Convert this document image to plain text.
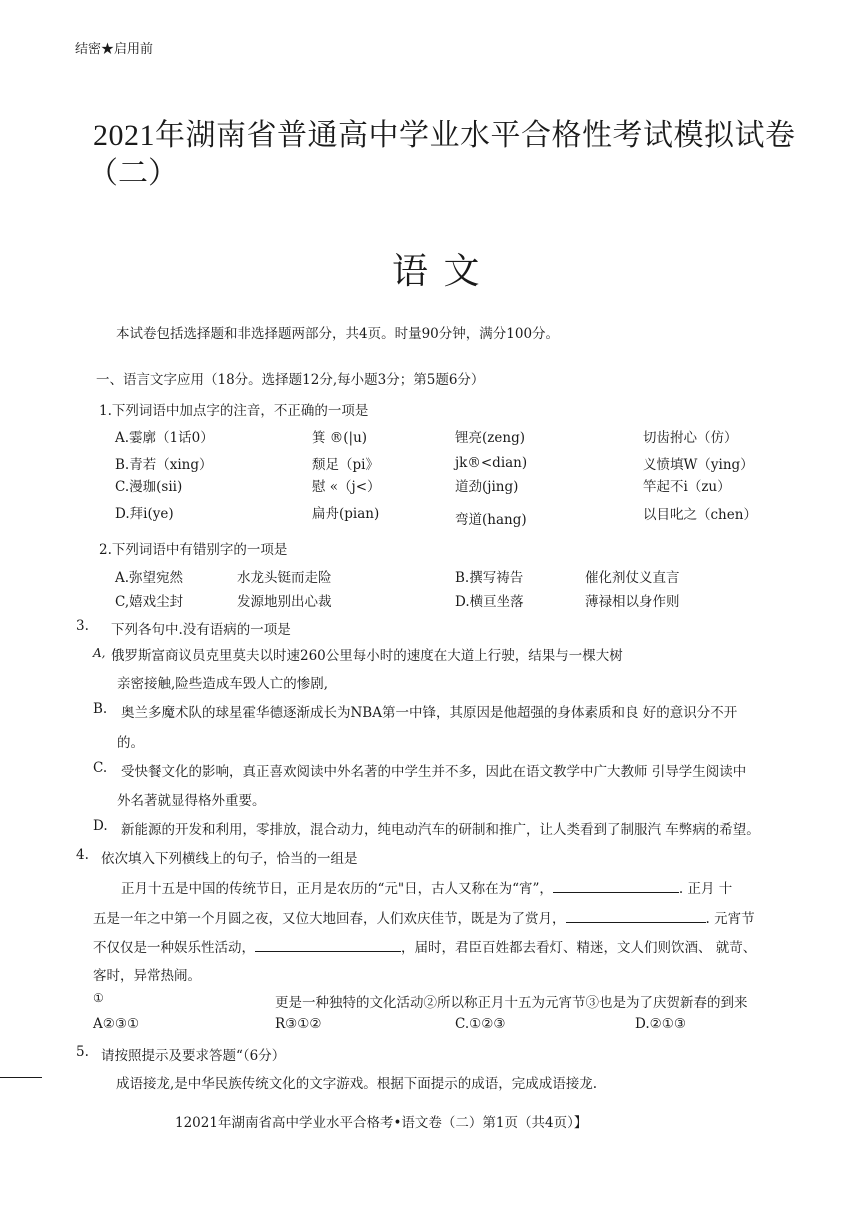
结密★启用前
2021年湖南省普通高中学业水平合格性考试模拟试卷
（二）
语 文
本试卷包括选择题和非选择题两部分，共4页。时量90分钟，满分100分。
一、语言文字应用（18分。选择题12分,每小题3分；第5题6分）
1.下列词语中加点字的注音，不正确的一项是
A.霎廓（1话0）	箕 ®(|u)	锂亮(zeng)	切齿拊心（仿）
B.青若（xing）	颓足（pi》	jk®<dian)	义愤填W（ying）
C.漫珈(sii)	慰 «（j<）	道劲(jing)	竿起不i（zu）
D.拜i(ye)	扁舟(pian)	弯道(hang)	以目叱之（chen）
2.下列词语中有错别字的一项是
A.弥望宛然	水龙头铤而走险	B.撰写祷告	催化剂仗义直言
C,嬉戏尘封	发源地别出心裁	D.横亘坐落	薄禄相以身作则
3. 下列各句中.没有语病的一项是
A, 俄罗斯富商议员克里莫夫以时速260公里每小时的速度在大道上行驶，结果与一棵大树
亲密接触,险些造成车毁人亡的惨剧,
B. 奥兰多魔术队的球星霍华德逐渐成长为NBA第一中锋，其原因是他超强的身体素质和良 好的意识分不开
的。
C. 受快餐文化的影响，真正喜欢阅读中外名著的中学生并不多，因此在语文教学中广大教师 引导学生阅读中
外名著就显得格外重要。
D. 新能源的开发和利用，零排放，混合动力，纯电动汽车的研制和推广，让人类看到了制服汽 车弊病的希望。
4. 依次填入下列横线上的句子，恰当的一组是
正月十五是中国的传统节日，正月是农历的“元"日，古人又称在为“宵”，	. 正月 十
五是一年之中第一个月圆之夜，又位大地回春，人们欢庆佳节，既是为了赏月，	. 元宵节
不仅仅是一种娱乐性活动，	，届时，君臣百姓都去看灯、精迷，文人们则饮酒、 就苛、
客时，异常热闹。
①	更是一种独特的文化活动②所以称正月十五为元宵节③也是为了庆贺新春的到来
A②③①	R③①②	C.①②③	D.②①③
5. 请按照提示及要求答题“（6分）
成语接龙,是中华民族传统文化的文字游戏。根据下面提示的成语，完成成语接龙.
12021年湖南省高中学业水平合格考•语文卷（二）第1页（共4页）】
